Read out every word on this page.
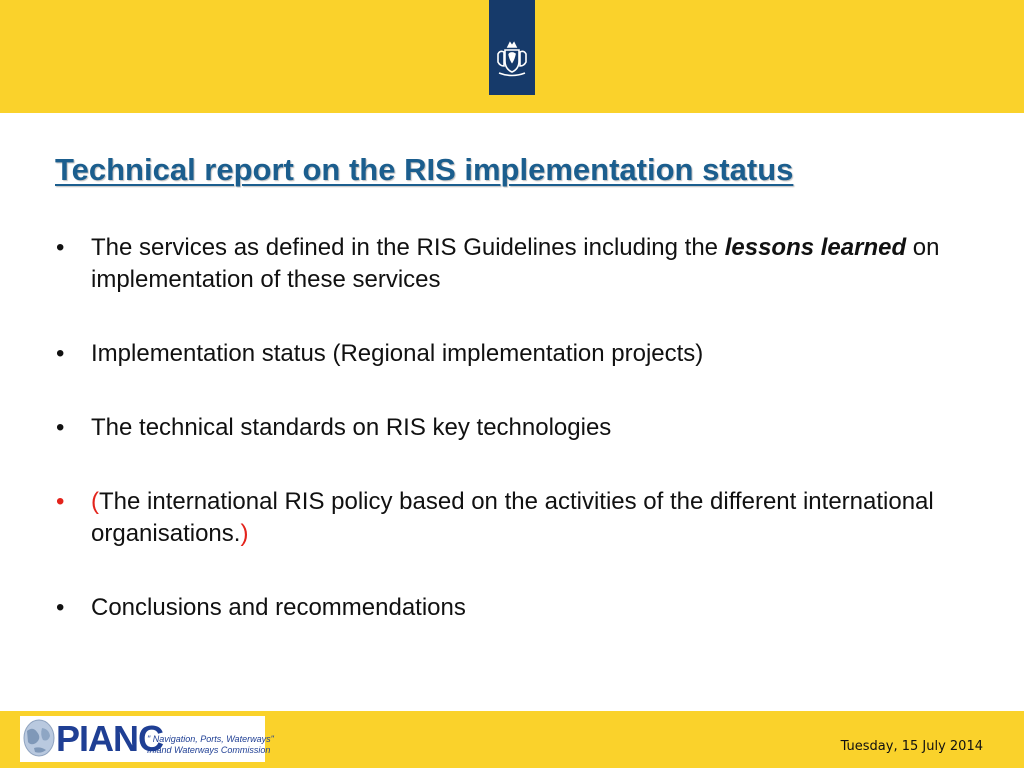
Technical report on the RIS implementation status
• The services as defined in the RIS Guidelines including the lessons learned on implementation of these services
• Implementation status (Regional implementation projects)
• The technical standards on RIS key technologies
• (The international RIS policy based on the activities of the different international organisations.)
• Conclusions and recommendations
PIANC
" Navigation, Ports, Waterways"
Inland Waterways Commission	Tuesday, 15 July 2014
